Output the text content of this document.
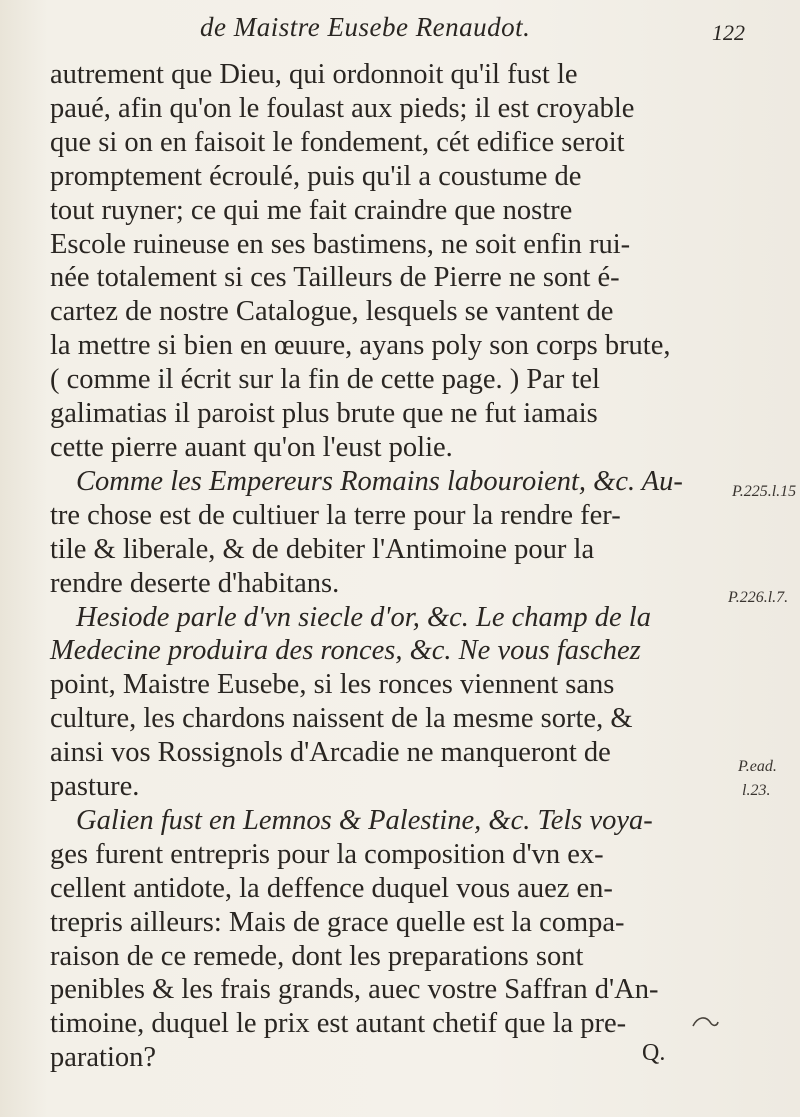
de Maistre Eusebe Renaudot.	122
autrement que Dieu, qui ordonnoit qu'il fust le
paué, afin qu'on le foulast aux pieds; il est croyable
que si on en faisoit le fondement, cét edifice seroit
promptement écroulé, puis qu'il a coustume de
tout ruyner; ce qui me fait craindre que nostre
Escole ruineuse en ses bastimens, ne soit enfin rui-
née totalement si ces Tailleurs de Pierre ne sont é-
cartez de nostre Catalogue, lesquels se vantent de
la mettre si bien en œuure, ayans poly son corps brute,
( comme il écrit sur la fin de cette page. ) Par tel
galimatias il paroist plus brute que ne fut iamais
cette pierre auant qu'on l'eust polie.
Comme les Empereurs Romains labouroient, &c. Au-
tre chose est de cultiuer la terre pour la rendre fer-
tile & liberale, & de debiter l'Antimoine pour la
rendre deserte d'habitans.
Hesiode parle d'vn siecle d'or, &c. Le champ de la
Medecine produira des ronces, &c. Ne vous faschez
point, Maistre Eusebe, si les ronces viennent sans
culture, les chardons naissent de la mesme sorte, &
ainsi vos Rossignols d'Arcadie ne manqueront de
pasture.
Galien fust en Lemnos & Palestine, &c. Tels voya-
ges furent entrepris pour la composition d'vn ex-
cellent antidote, la deffence duquel vous auez en-
trepris ailleurs: Mais de grace quelle est la compa-
raison de ce remede, dont les preparations sont
penibles & les frais grands, auec vostre Saffran d'An-
timoine, duquel le prix est autant chetif que la pre-
paration?
P.225.l.15
P.226.l.7.
P.ead.
l.23.
Q.
